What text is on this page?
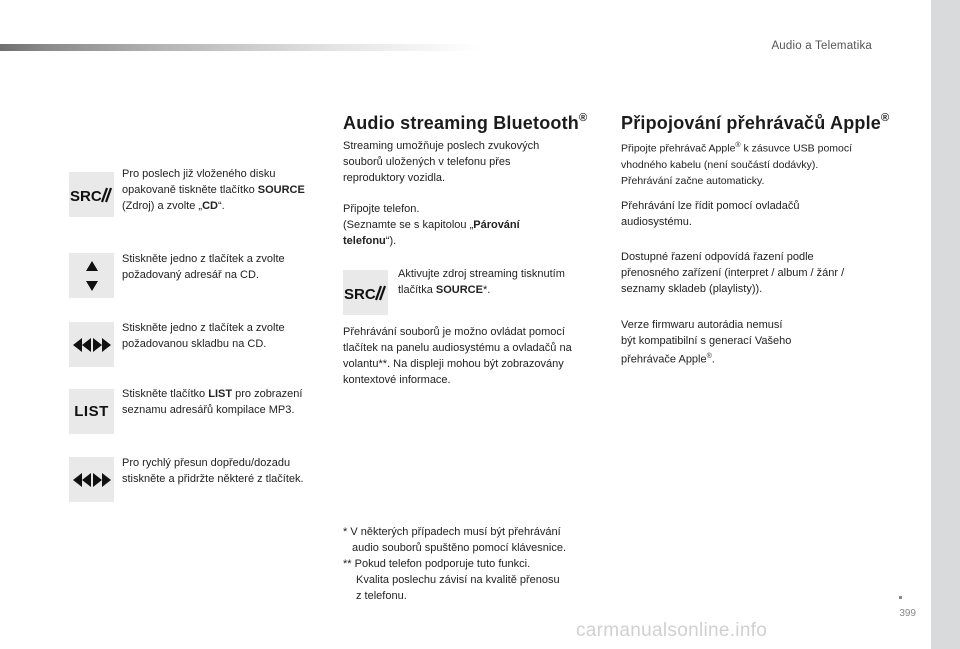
Audio a Telematika
SRC

Pro poslech již vloženého disku

opakovaně tiskněte tlačítko SOURCE

(Zdroj) a zvolte „CD“.

Stiskněte jedno z tlačítek a zvolte

požadovaný adresář na CD.

Stiskněte jedno z tlačítek a zvolte

požadovanou skladbu na CD.

LIST

Stiskněte tlačítko LIST pro zobrazení

seznamu adresářů kompilace MP3.

Pro rychlý přesun dopředu/dozadu

stiskněte a přidržte některé z tlačítek.

Audio streaming Bluetooth®

Streaming umožňuje poslech zvukových

souborů uložených v telefonu přes

reproduktory vozidla.

Připojte telefon.

(Seznamte se s kapitolou „Párování

telefonu“).

SRC

Aktivujte zdroj streaming tisknutím

tlačítka SOURCE*.

Přehrávání souborů je možno ovládat pomocí

tlačítek na panelu audiosystému a ovladačů na

volantu**. Na displeji mohou být zobrazovány

kontextové informace.

* V některých případech musí být přehrávání

audio souborů spuštěno pomocí klávesnice.

** Pokud telefon podporuje tuto funkci.

Kvalita poslechu závisí na kvalitě přenosu

z telefonu.

Připojování přehrávačů Apple®

Připojte přehrávač Apple® k zásuvce USB pomocí

vhodného kabelu (není součástí dodávky).

Přehrávání začne automaticky.

Přehrávání lze řídit pomocí ovladačů

audiosystému.

Dostupné řazení odpovídá řazení podle

přenosného zařízení (interpret / album / žánr /

seznamy skladeb (playlisty)).

Verze firmwaru autorádia nemusí

být kompatibilní s generací Vašeho

přehrávače Apple®.

399
carmanualsonline.info
